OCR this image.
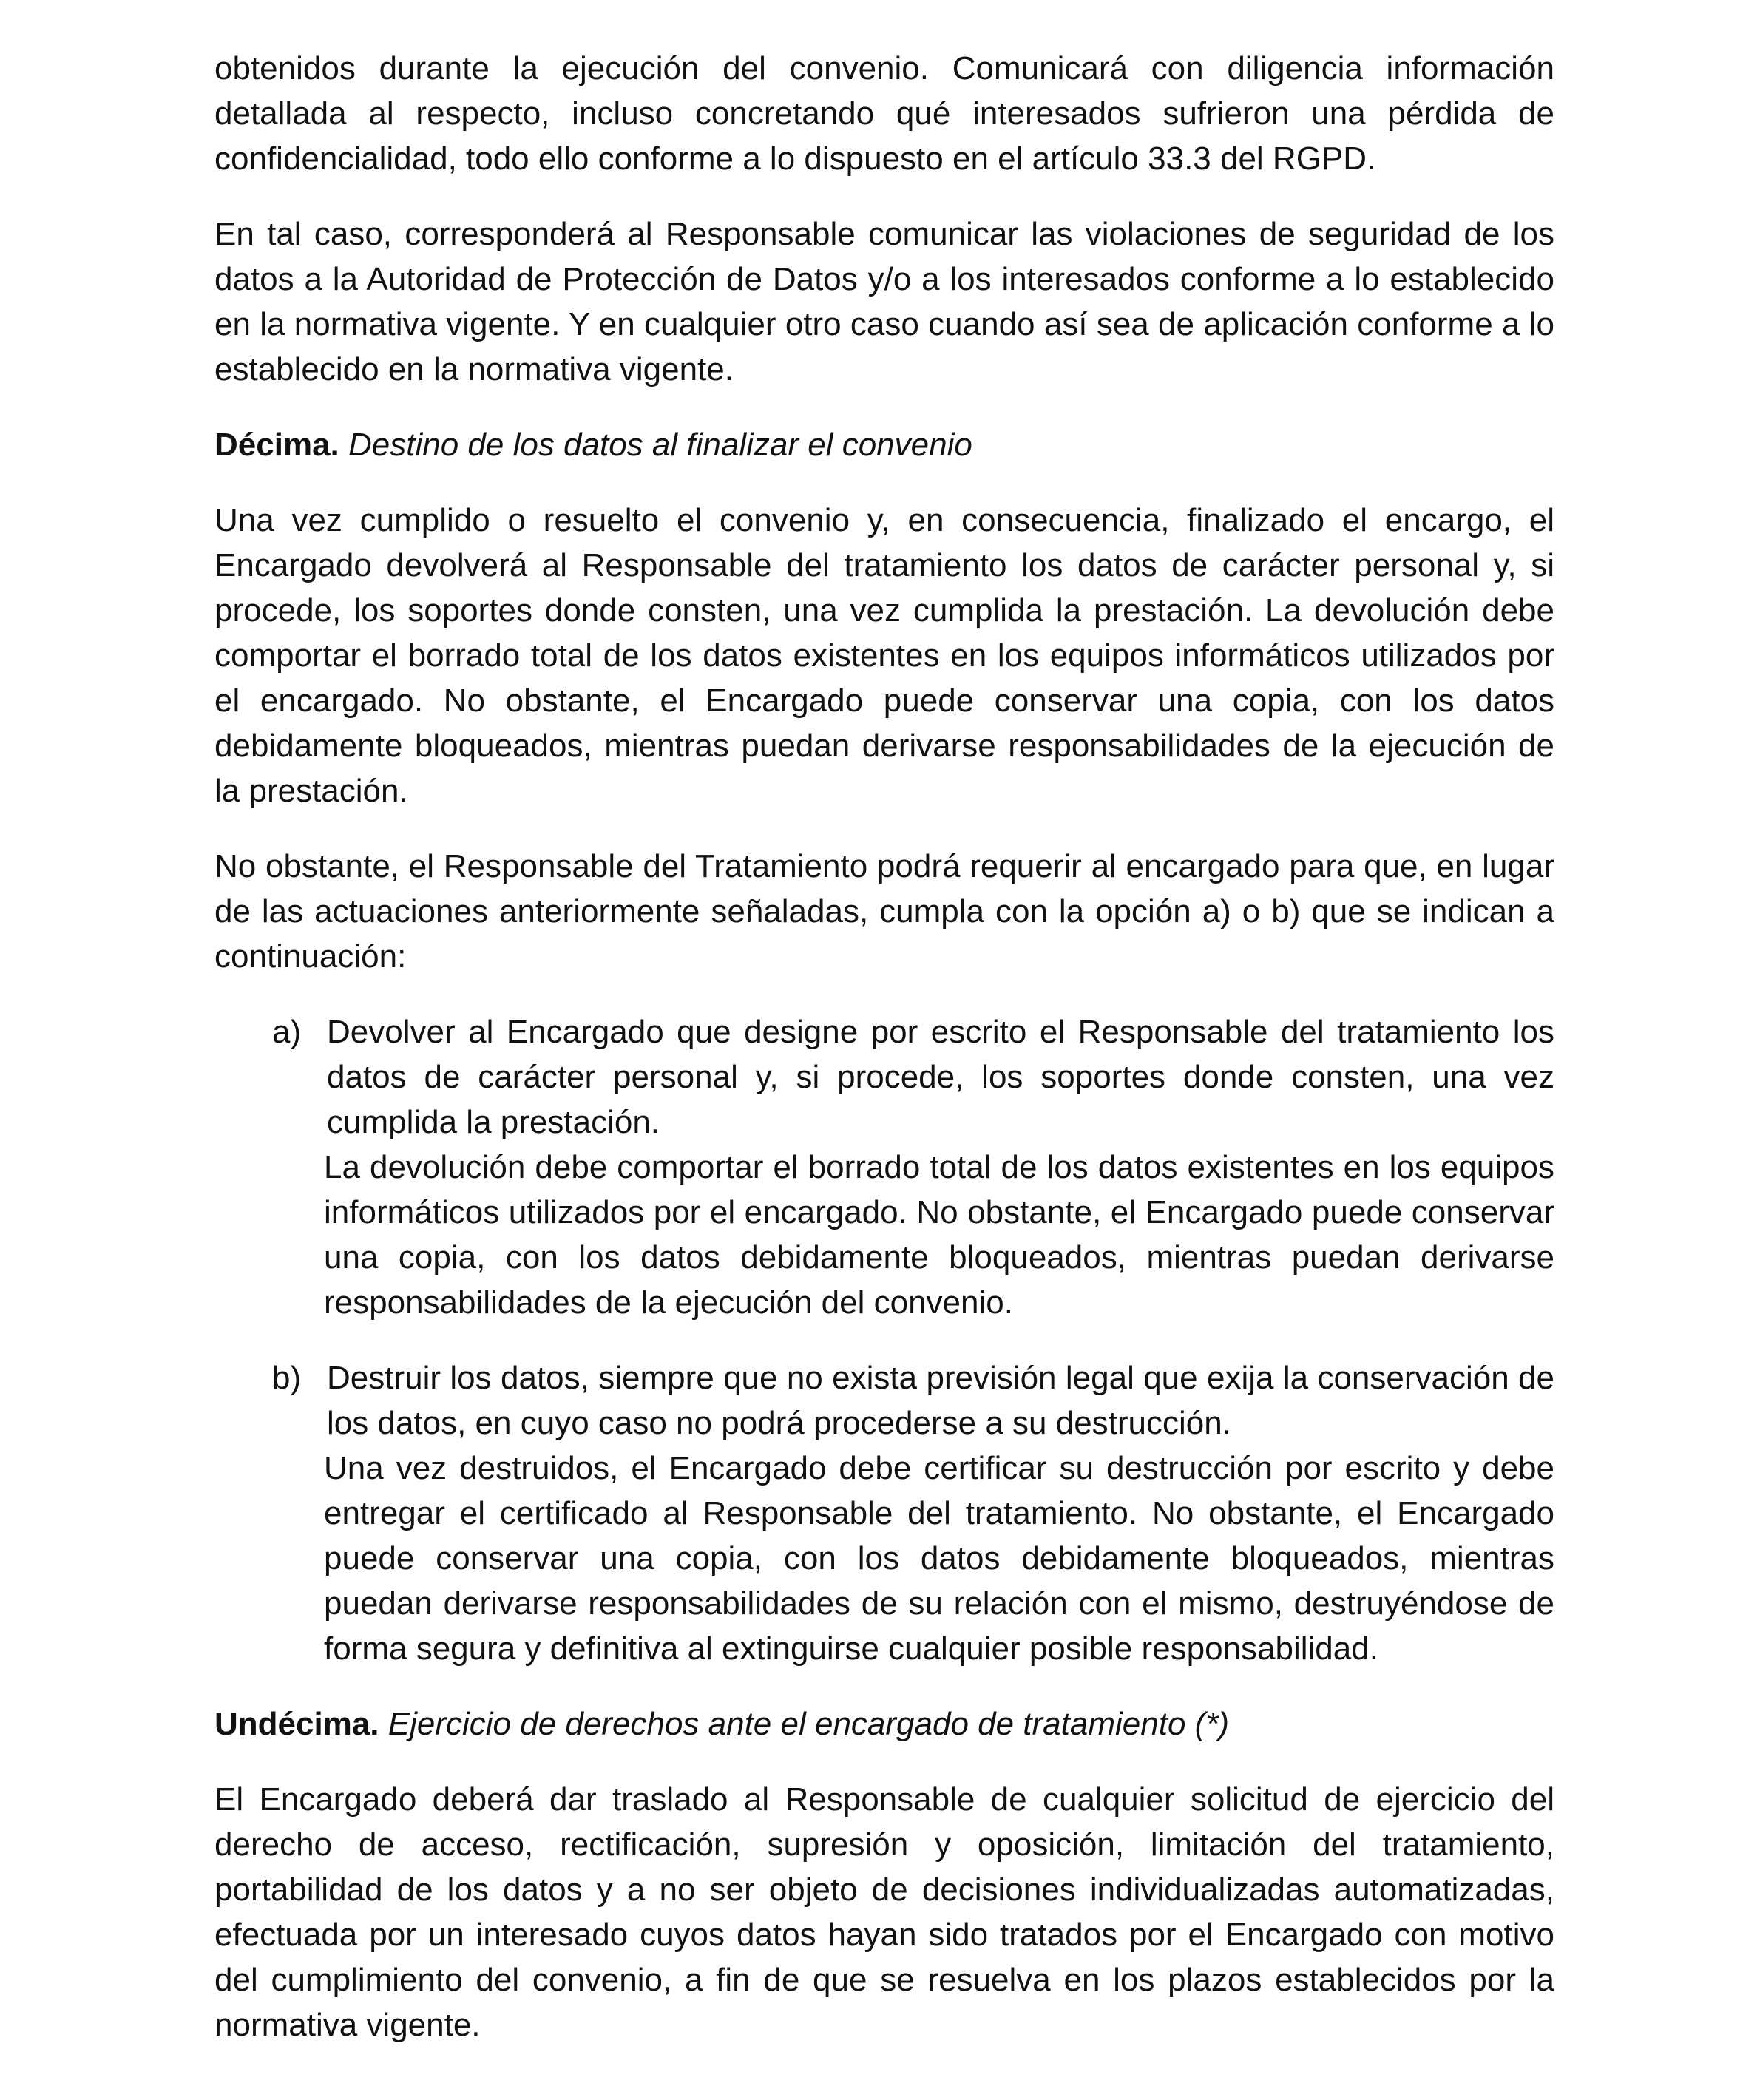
obtenidos durante la ejecución del convenio. Comunicará con diligencia información detallada al respecto, incluso concretando qué interesados sufrieron una pérdida de confidencialidad, todo ello conforme a lo dispuesto en el artículo 33.3 del RGPD.

En tal caso, corresponderá al Responsable comunicar las violaciones de seguridad de los datos a la Autoridad de Protección de Datos y/o a los interesados conforme a lo establecido en la normativa vigente. Y en cualquier otro caso cuando así sea de aplicación conforme a lo establecido en la normativa vigente.

Décima. Destino de los datos al finalizar el convenio

Una vez cumplido o resuelto el convenio y, en consecuencia, finalizado el encargo, el Encargado devolverá al Responsable del tratamiento los datos de carácter personal y, si procede, los soportes donde consten, una vez cumplida la prestación. La devolución debe comportar el borrado total de los datos existentes en los equipos informáticos utilizados por el encargado. No obstante, el Encargado puede conservar una copia, con los datos debidamente bloqueados, mientras puedan derivarse responsabilidades de la ejecución de la prestación.

No obstante, el Responsable del Tratamiento podrá requerir al encargado para que, en lugar de las actuaciones anteriormente señaladas, cumpla con la opción a) o b) que se indican a continuación:

a) Devolver al Encargado que designe por escrito el Responsable del tratamiento los datos de carácter personal y, si procede, los soportes donde consten, una vez cumplida la prestación.

La devolución debe comportar el borrado total de los datos existentes en los equipos informáticos utilizados por el encargado. No obstante, el Encargado puede conservar una copia, con los datos debidamente bloqueados, mientras puedan derivarse responsabilidades de la ejecución del convenio.

b) Destruir los datos, siempre que no exista previsión legal que exija la conservación de los datos, en cuyo caso no podrá procederse a su destrucción.

Una vez destruidos, el Encargado debe certificar su destrucción por escrito y debe entregar el certificado al Responsable del tratamiento. No obstante, el Encargado puede conservar una copia, con los datos debidamente bloqueados, mientras puedan derivarse responsabilidades de su relación con el mismo, destruyéndose de forma segura y definitiva al extinguirse cualquier posible responsabilidad.

Undécima. Ejercicio de derechos ante el encargado de tratamiento (*)

El Encargado deberá dar traslado al Responsable de cualquier solicitud de ejercicio del derecho de acceso, rectificación, supresión y oposición, limitación del tratamiento, portabilidad de los datos y a no ser objeto de decisiones individualizadas automatizadas, efectuada por un interesado cuyos datos hayan sido tratados por el Encargado con motivo del cumplimiento del convenio, a fin de que se resuelva en los plazos establecidos por la normativa vigente.
